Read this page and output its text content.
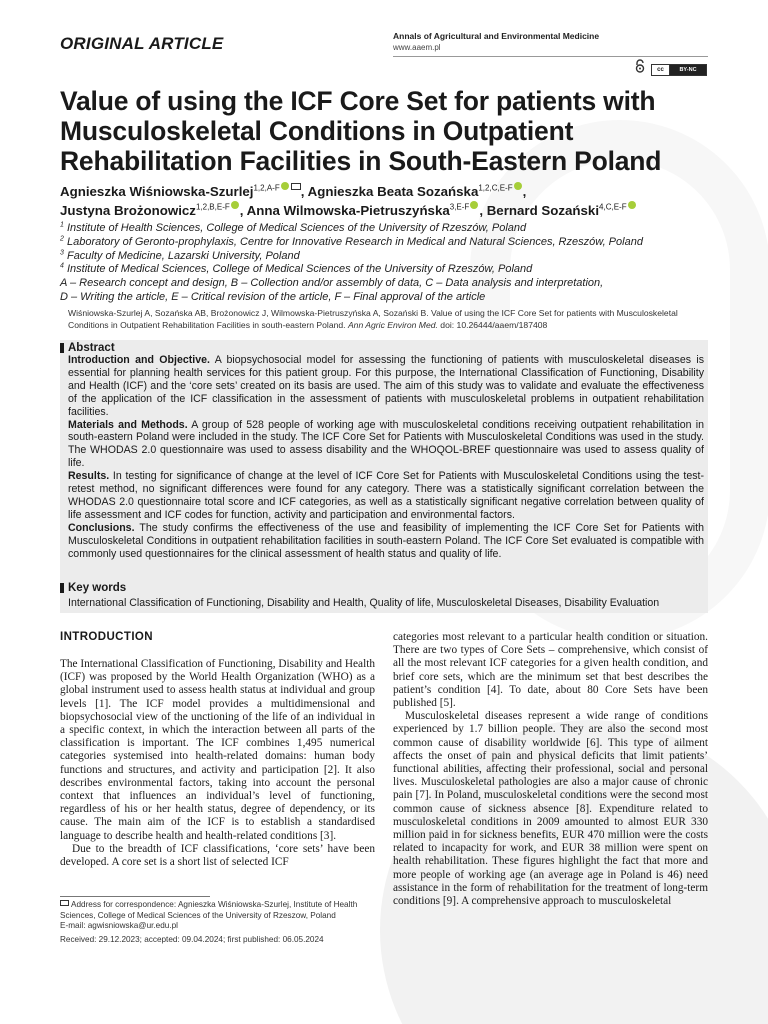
ORIGINAL ARTICLE	Annals of Agricultural and Environmental Medicine
www.aaem.pl
cc	BY-NC
Value of using the ICF Core Set for patients with Musculoskeletal Conditions in Outpatient Rehabilitation Facilities in South-Eastern Poland
Agnieszka Wiśniowska-Szurlej$^{1,2,A-F}$ , Agnieszka Beata Sozańska$^{1,2,C,E-F}$ ,
Justyna Brożonowicz$^{1,2,B,E-F}$ , Anna Wilmowska-Pietruszyńska$^{3,E-F}$ , Bernard Sozański$^{4,C,E-F}$
$^1$ Institute of Health Sciences, College of Medical Sciences of the University of Rzeszów, Poland
$^2$ Laboratory of Geronto-prophylaxis, Centre for Innovative Research in Medical and Natural Sciences, Rzeszów, Poland
$^3$ Faculty of Medicine, Lazarski University, Poland
$^4$ Institute of Medical Sciences, College of Medical Sciences of the University of Rzeszów, Poland
A – Research concept and design, B – Collection and/or assembly of data, C – Data analysis and interpretation,
D – Writing the article, E – Critical revision of the article, F – Final approval of the article
Wiśniowska-Szurlej A, Sozańska AB, Brożonowicz J, Wilmowska-Pietruszyńska A, Sozański B. Value of using the ICF Core Set for patients with Musculoskeletal Conditions in Outpatient Rehabilitation Facilities in south-eastern Poland. Ann Agric Environ Med. doi: 10.26444/aaem/187408
Abstract

Introduction and Objective. A biopsychosocial model for assessing the functioning of patients with musculoskeletal diseases is essential for planning health services for this patient group. For this purpose, the International Classification of Functioning, Disability and Health (ICF) and the ‘core sets’ created on its basis are used. The aim of this study was to validate and evaluate the effectiveness of the application of the ICF classification in the assessment of patients with musculoskeletal problems in outpatient rehabilitation facilities.

Materials and Methods. A group of 528 people of working age with musculoskeletal conditions receiving outpatient rehabilitation in south-eastern Poland were included in the study. The ICF Core Set for Patients with Musculoskeletal Conditions was used in the study. The WHODAS 2.0 questionnaire was used to assess disability and the WHOQOL-BREF questionnaire was used to assess quality of life.

Results. In testing for significance of change at the level of ICF Core Set for Patients with Musculoskeletal Conditions using the test-retest method, no significant differences were found for any category. There was a statistically significant correlation between the WHODAS 2.0 questionnaire total score and ICF categories, as well as a statistically significant negative correlation between quality of life assessment and ICF codes for function, activity and participation and environmental factors.

Conclusions. The study confirms the effectiveness of the use and feasibility of implementing the ICF Core Set for Patients with Musculoskeletal Conditions in outpatient rehabilitation facilities in south-eastern Poland. The ICF Core Set evaluated is compatible with commonly used questionnaires for the clinical assessment of health status and quality of life.

Key words
International Classification of Functioning, Disability and Health, Quality of life, Musculoskeletal Diseases, Disability Evaluation
INTRODUCTION

The International Classification of Functioning, Disability and Health (ICF) was proposed by the World Health Organization (WHO) as a global instrument used to assess health status at individual and group levels [1]. The ICF model provides a multidimensional and biopsychosocial view of the unctioning of the life of an individual in a specific context, in which the interaction between all parts of the classification is important. The ICF combines 1,495 numerical categories systemised into health-related domains: human body functions and structures, and activity and participation [2]. It also describes environmental factors, taking into account the personal context that influences an individual’s level of functioning, regardless of his or her health status, degree of dependency, or its cause. The main aim of the ICF is to establish a standardised language to describe health and health-related conditions [3].

Due to the breadth of ICF classifications, ‘core sets’ have been developed. A core set is a short list of selected ICF

categories most relevant to a particular health condition or situation. There are two types of Core Sets – comprehensive, which consist of all the most relevant ICF categories for a given health condition, and brief core sets, which are the minimum set that best describes the patient’s condition [4]. To date, about 80 Core Sets have been published [5].

Musculoskeletal diseases represent a wide range of conditions experienced by 1.7 billion people. They are also the second most common cause of disability worldwide [6]. This type of ailment affects the onset of pain and physical deficits that limit patients’ functional abilities, affecting their professional, social and personal lives. Musculoskeletal pathologies are also a major cause of chronic pain [7]. In Poland, musculoskeletal conditions were the second most common cause of sickness absence [8]. Expenditure related to musculoskeletal conditions in 2009 amounted to almost EUR 330 million paid in for sickness benefits, EUR 470 million were the costs related to incapacity for work, and EUR 38 million were spent on health rehabilitation. These figures highlight the fact that more and more people of working age (an average age in Poland is 46) need assistance in the form of rehabilitation for the treatment of long-term conditions [9]. A comprehensive approach to musculoskeletal

Address for correspondence: Agnieszka Wiśniowska-Szurlej, Institute of Health Sciences, College of Medical Sciences of the University of Rzeszow, Poland
E-mail: agwisniowska@ur.edu.pl
Received: 29.12.2023; accepted: 09.04.2024; first published: 06.05.2024
